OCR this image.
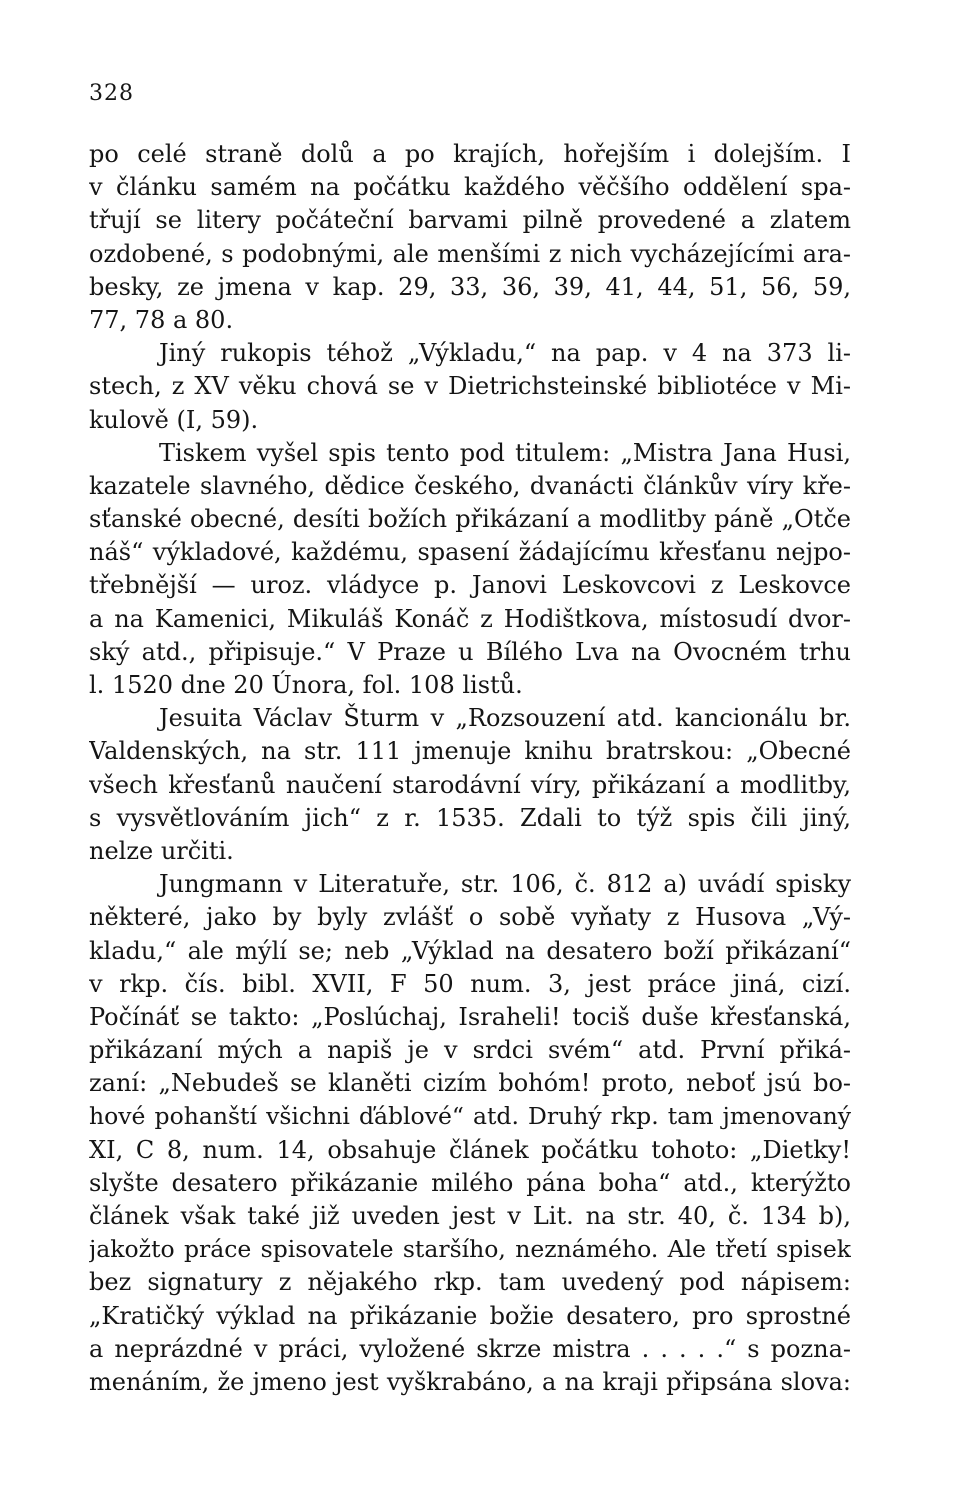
328
po celé straně dolů a po krajích, hořejším i dolejším. I
v článku samém na počátku každého věčšího oddělení spa-
třují se litery počáteční barvami pilně provedené a zlatem
ozdobené, s podobnými, ale menšími z nich vycházejícími ara-
besky, ze jmena v kap. 29, 33, 36, 39, 41, 44, 51, 56, 59,
77, 78 a 80.
Jiný rukopis téhož „Výkladu,“ na pap. v 4 na 373 li-
stech, z XV věku chová se v Dietrichsteinské bibliotéce v Mi-
kulově (I, 59).
Tiskem vyšel spis tento pod titulem: „Mistra Jana Husi,
kazatele slavného, dědice českého, dvanácti článkův víry kře-
sťanské obecné, desíti božích přikázaní a modlitby páně „Otče
náš“ výkladové, každému, spasení žádajícímu křesťanu nejpo-
třebnější — uroz. vládyce p. Janovi Leskovcovi z Leskovce
a na Kamenici, Mikuláš Konáč z Hodištkova, místosudí dvor-
ský atd., připisuje.“ V Praze u Bílého Lva na Ovocném trhu
l. 1520 dne 20 Února, fol. 108 listů.
Jesuita Václav Šturm v „Rozsouzení atd. kancionálu br.
Valdenských, na str. 111 jmenuje knihu bratrskou: „Obecné
všech křesťanů naučení starodávní víry, přikázaní a modlitby,
s vysvětlováním jich“ z r. 1535. Zdali to týž spis čili jiný,
nelze určiti.
Jungmann v Literatuře, str. 106, č. 812 a) uvádí spisky
některé, jako by byly zvlášť o sobě vyňaty z Husova „Vý-
kladu,“ ale mýlí se; neb „Výklad na desatero boží přikázaní“
v rkp. čís. bibl. XVII, F 50 num. 3, jest práce jiná, cizí.
Počínáť se takto: „Poslúchaj, Israheli! tociš duše křesťanská,
přikázaní mých a napiš je v srdci svém“ atd. První přiká-
zaní: „Nebudeš se klaněti cizím bohóm! proto, neboť jsú bo-
hové pohanští všichni ďáblové“ atd. Druhý rkp. tam jmenovaný
XI, C 8, num. 14, obsahuje článek počátku tohoto: „Dietky!
slyšte desatero přikázanie milého pána boha“ atd., kterýžto
článek však také již uveden jest v Lit. na str. 40, č. 134 b),
jakožto práce spisovatele staršího, neznámého. Ale třetí spisek
bez signatury z nějakého rkp. tam uvedený pod nápisem:
„Kratičký výklad na přikázanie božie desatero, pro sprostné
a neprázdné v práci, vyložené skrze mistra . . . . .“ s pozna-
menáním, že jmeno jest vyškrabáno, a na kraji připsána slova:
